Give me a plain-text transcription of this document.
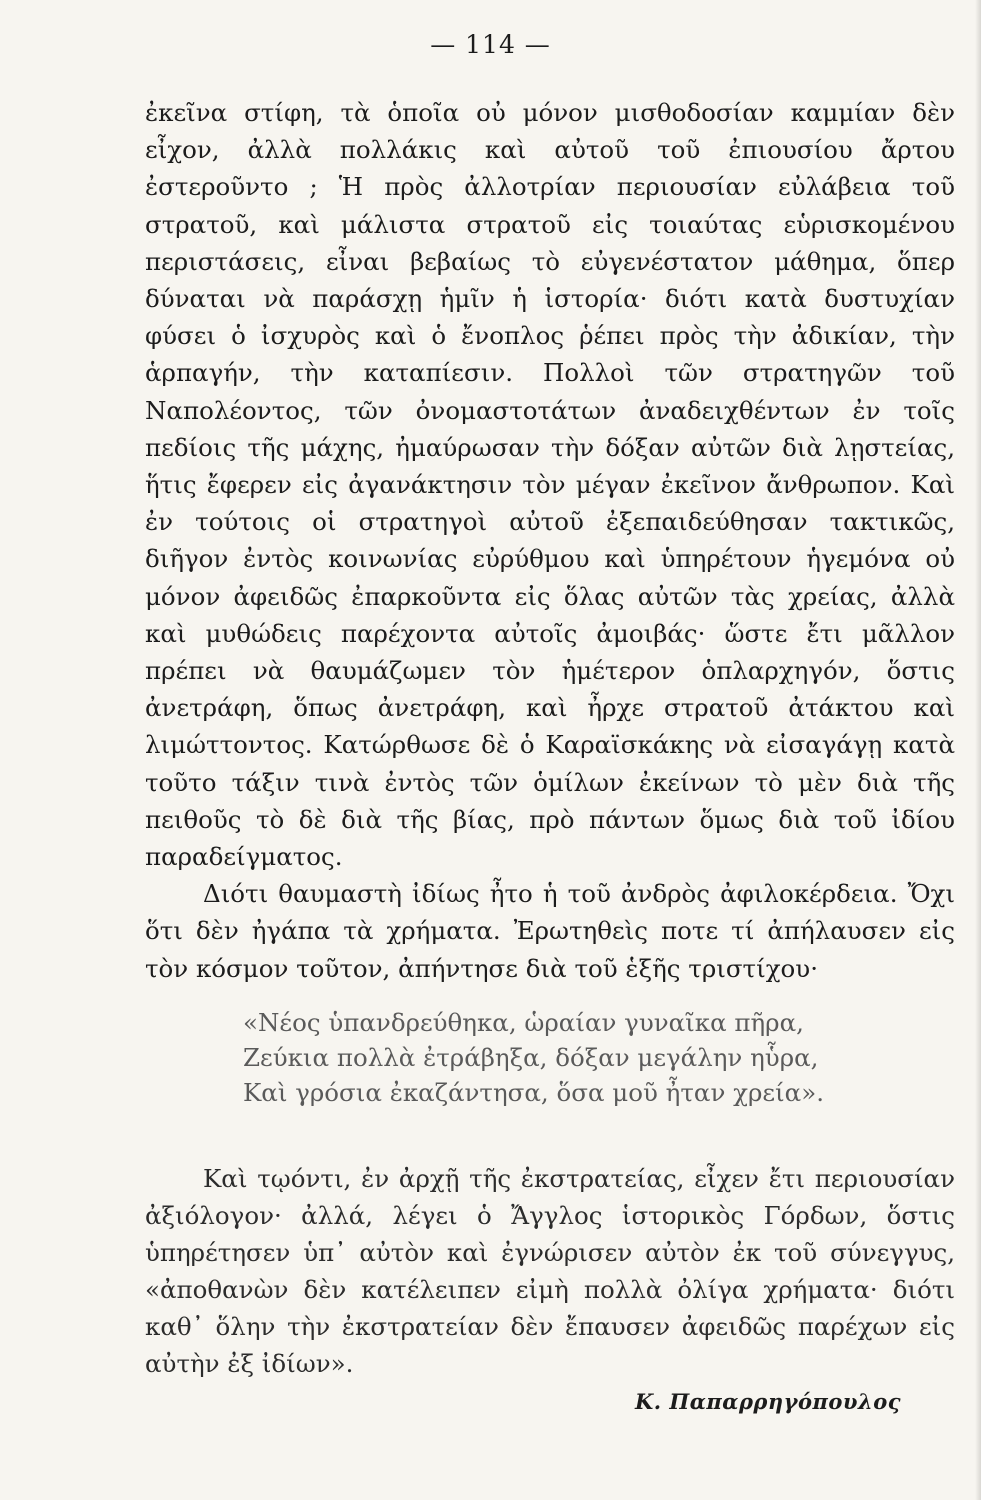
— 114 —

ἐκεῖνα στίφη, τὰ ὁποῖα οὐ μόνον μισθοδοσίαν καμμίαν δὲν εἶχον, ἀλλὰ πολλάκις καὶ αὐτοῦ τοῦ ἐπιουσίου ἄρτου ἐστεροῦντο ; Ἡ πρὸς ἀλλοτρίαν περιουσίαν εὐλάβεια τοῦ στρατοῦ, καὶ μάλιστα στρατοῦ εἰς τοιαύτας εὑρισκομένου περιστάσεις, εἶναι βεβαίως τὸ εὐγενέστατον μάθημα, ὅπερ δύναται νὰ παράσχῃ ἡμῖν ἡ ἱστορία· διότι κατὰ δυστυχίαν φύσει ὁ ἰσχυρὸς καὶ ὁ ἔνοπλος ῥέπει πρὸς τὴν ἀδικίαν, τὴν ἁρπαγήν, τὴν καταπίεσιν. Πολλοὶ τῶν στρατηγῶν τοῦ Ναπολέοντος, τῶν ὀνομαστοτάτων ἀναδειχθέντων ἐν τοῖς πεδίοις τῆς μάχης, ἠμαύρωσαν τὴν δόξαν αὐτῶν διὰ λῃστείας, ἥτις ἔφερεν εἰς ἀγανάκτησιν τὸν μέγαν ἐκεῖνον ἄνθρωπον. Καὶ ἐν τούτοις οἱ στρατηγοὶ αὐτοῦ ἐξεπαιδεύθησαν τακτικῶς, διῆγον ἐντὸς κοινωνίας εὐρύθμου καὶ ὑπηρέτουν ἡγεμόνα οὐ μόνον ἀφειδῶς ἐπαρκοῦντα εἰς ὅλας αὐτῶν τὰς χρείας, ἀλλὰ καὶ μυθώδεις παρέχοντα αὐτοῖς ἀμοιβάς· ὥστε ἔτι μᾶλλον πρέπει νὰ θαυμάζωμεν τὸν ἡμέτερον ὁπλαρχηγόν, ὅστις ἀνετράφη, ὅπως ἀνετράφη, καὶ ἦρχε στρατοῦ ἀτάκτου καὶ λιμώττοντος. Κατώρθωσε δὲ ὁ Καραϊσκάκης νὰ εἰσαγάγῃ κατὰ τοῦτο τάξιν τινὰ ἐντὸς τῶν ὁμίλων ἐκείνων τὸ μὲν διὰ τῆς πειθοῦς τὸ δὲ διὰ τῆς βίας, πρὸ πάντων ὅμως διὰ τοῦ ἰδίου παραδείγματος.

Διότι θαυμαστὴ ἰδίως ἦτο ἡ τοῦ ἀνδρὸς ἀφιλοκέρδεια. Ὄχι ὅτι δὲν ἠγάπα τὰ χρήματα. Ἐρωτηθεὶς ποτε τί ἀπήλαυσεν εἰς τὸν κόσμον τοῦτον, ἀπήντησε διὰ τοῦ ἑξῆς τριστίχου·

«Νέος ὑπανδρεύθηκα, ὡραίαν γυναῖκα πῆρα,
Ζεύκια πολλὰ ἐτράβηξα, δόξαν μεγάλην ηὗρα,
Καὶ γρόσια ἐκαζάντησα, ὅσα μοῦ ἦταν χρεία».

Καὶ τῳόντι, ἐν ἀρχῇ τῆς ἐκστρατείας, εἶχεν ἔτι περιουσίαν ἀξιόλογον· ἀλλά, λέγει ὁ Ἄγγλος ἱστορικὸς Γόρδων, ὅστις ὑπηρέτησεν ὑπ᾿ αὐτὸν καὶ ἐγνώρισεν αὐτὸν ἐκ τοῦ σύνεγγυς, «ἀποθανὼν δὲν κατέλειπεν εἰμὴ πολλὰ ὀλίγα χρήματα· διότι καθ᾿ ὅλην τὴν ἐκστρατείαν δὲν ἔπαυσεν ἀφειδῶς παρέχων εἰς αὐτὴν ἐξ ἰδίων».

Κ. Παπαρρηγόπουλος
